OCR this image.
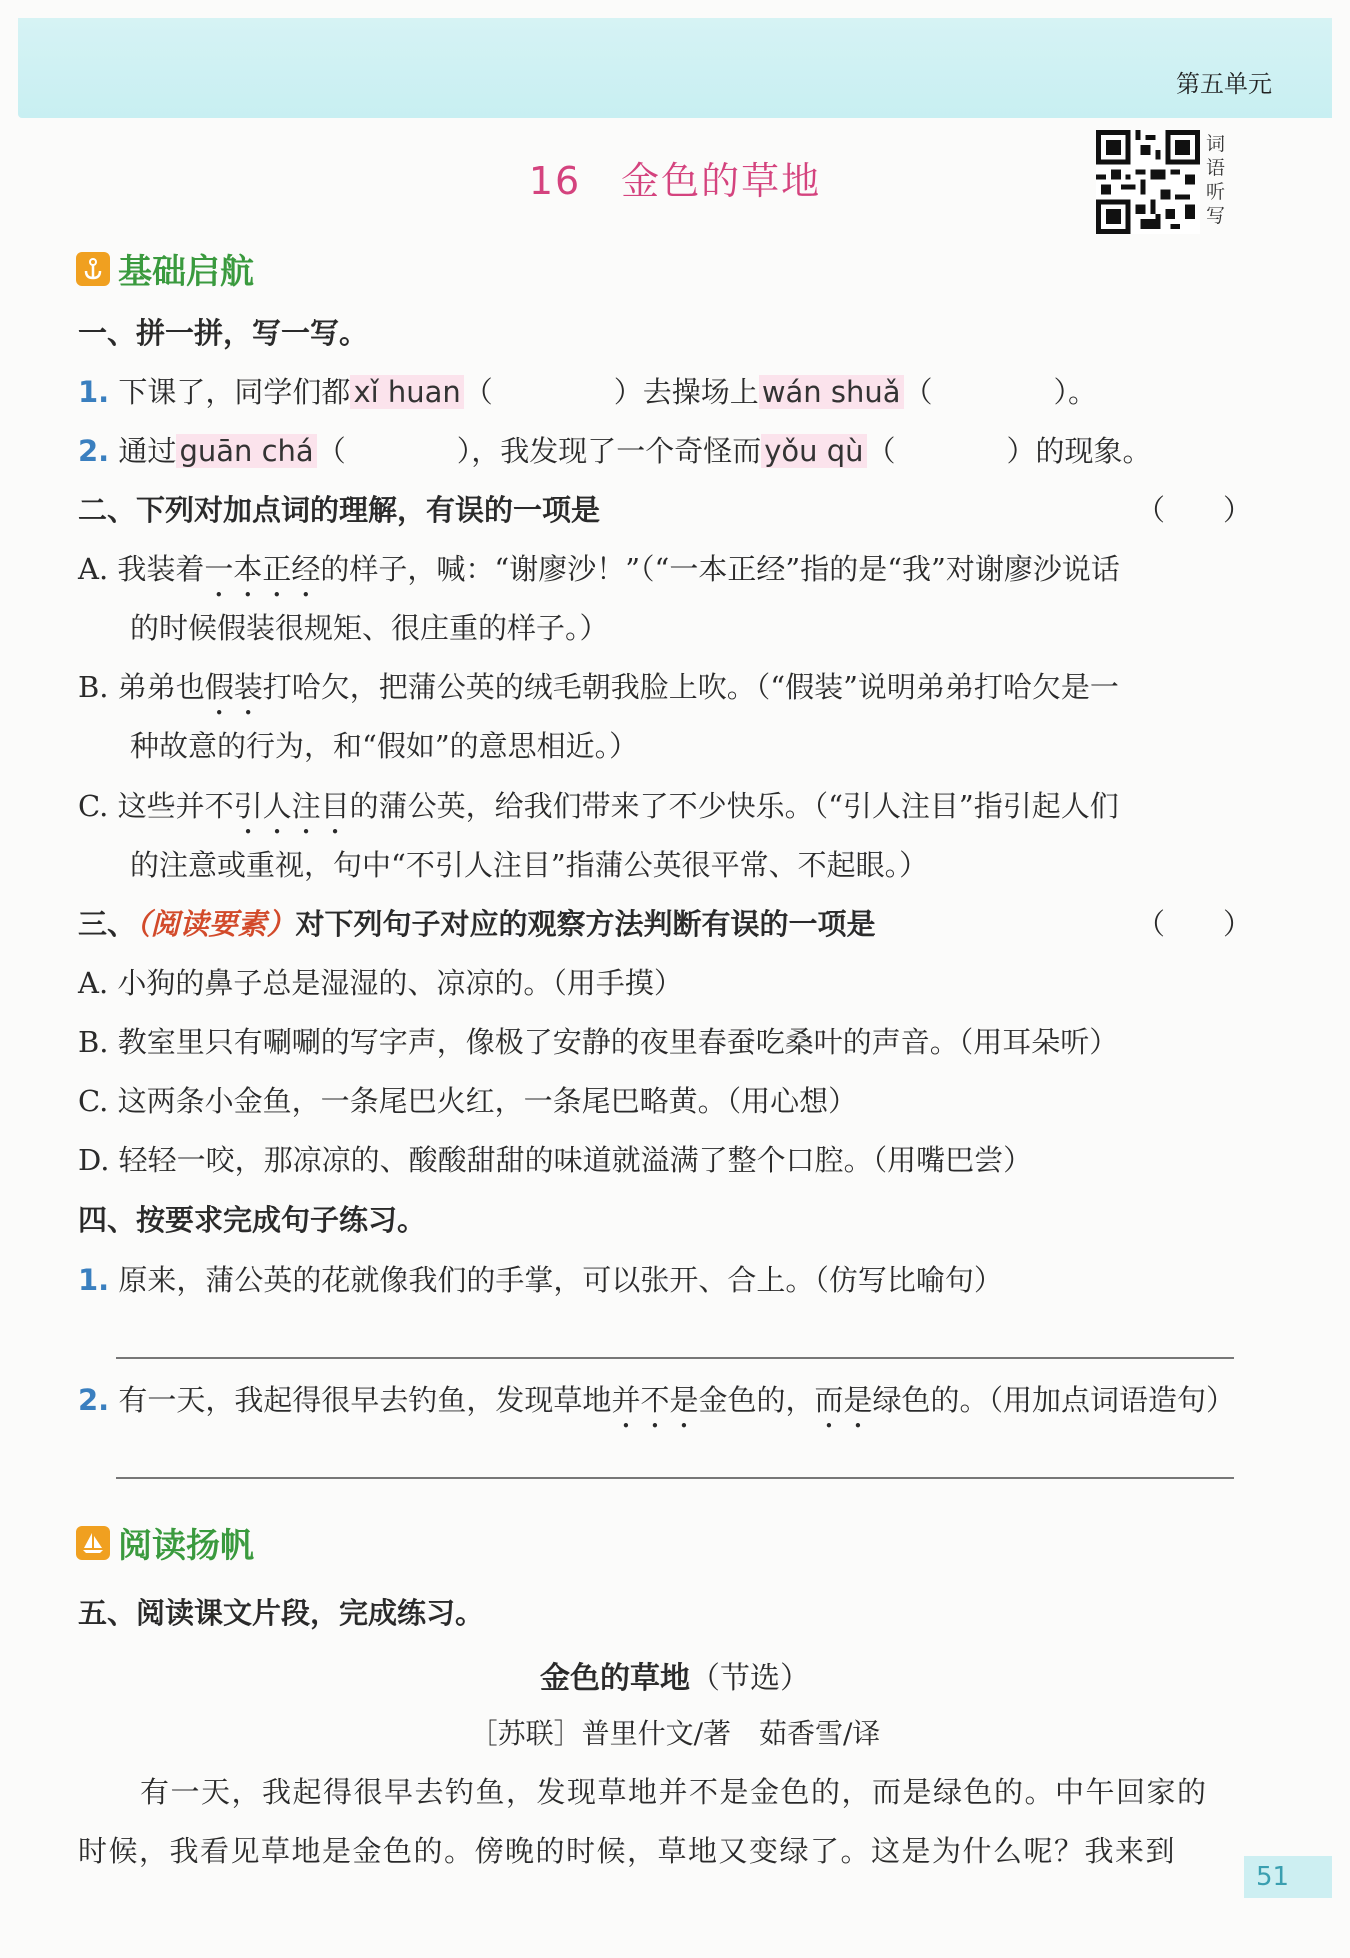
第五单元
16　金色的草地
词语听写
基础启航
一、拼一拼，写一写。
1. 下课了，同学们都 xǐ huan （	）去操场上 wán shuǎ （	）。
2. 通过 guān chá （	），我发现了一个奇怪而 yǒu qù （	）的现象。
二、下列对加点词的理解，有误的一项是	（　　）
A. 我装着一本正经的样子，喊：“谢廖沙！”（“一本正经”指的是“我”对谢廖沙说话
的时候假装很规矩、很庄重的样子。）
B. 弟弟也假装打哈欠，把蒲公英的绒毛朝我脸上吹。（“假装”说明弟弟打哈欠是一
种故意的行为，和“假如”的意思相近。）
C. 这些并不引人注目的蒲公英，给我们带来了不少快乐。（“引人注目”指引起人们
的注意或重视，句中“不引人注目”指蒲公英很平常、不起眼。）
三、（阅读要素）对下列句子对应的观察方法判断有误的一项是	（　　）
A. 小狗的鼻子总是湿湿的、凉凉的。（用手摸）
B. 教室里只有唰唰的写字声，像极了安静的夜里春蚕吃桑叶的声音。（用耳朵听）
C. 这两条小金鱼，一条尾巴火红，一条尾巴略黄。（用心想）
D. 轻轻一咬，那凉凉的、酸酸甜甜的味道就溢满了整个口腔。（用嘴巴尝）
四、按要求完成句子练习。
1. 原来，蒲公英的花就像我们的手掌，可以张开、合上。（仿写比喻句）
2. 有一天，我起得很早去钓鱼，发现草地并不是金色的，而是绿色的。（用加点词语造句）
阅读扬帆
五、阅读课文片段，完成练习。
金色的草地（节选）
［苏联］普里什文/著　茹香雪/译
有一天，我起得很早去钓鱼，发现草地并不是金色的，而是绿色的。中午回家的
时候，我看见草地是金色的。傍晚的时候，草地又变绿了。这是为什么呢？我来到
51
